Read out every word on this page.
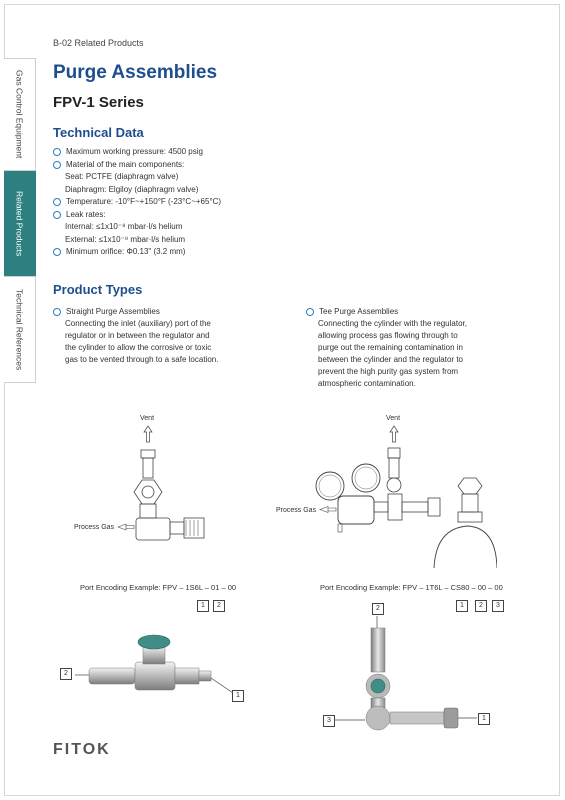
Gas Control Equipment
Related Products
Technical References
B-02 Related Products
Purge Assemblies
FPV-1 Series
Technical Data
Maximum working pressure: 4500 psig
Material of the main components:
Seat: PCTFE (diaphragm valve)
Diaphragm: Elgiloy (diaphragm valve)
Temperature: -10°F~+150°F (-23°C~+65°C)
Leak rates:
Internal: ≤1x10⁻⁸ mbar·l/s helium
External: ≤1x10⁻⁹ mbar·l/s helium
Minimum orifice: Φ0.13" (3.2 mm)
Product Types
Straight Purge Assemblies
Connecting the inlet (auxiliary) port of the
regulator or in between the regulator and
the cylinder to allow the corrosive or toxic
gas to be vented through to a safe location.
Tee Purge Assemblies
Connecting the cylinder with the regulator,
allowing process gas flowing through to
purge out the remaining contamination in
between the cylinder and the regulator to
prevent the high purity gas system from
atmospheric contamination.
Vent
Process Gas
Vent
Process Gas
Port Encoding Example: FPV – 1S6L – 01 – 00
1	2
Port Encoding Example: FPV – 1T6L – CS80 – 00 – 00
1	2	3
2
1
2
3	1
FITOK
